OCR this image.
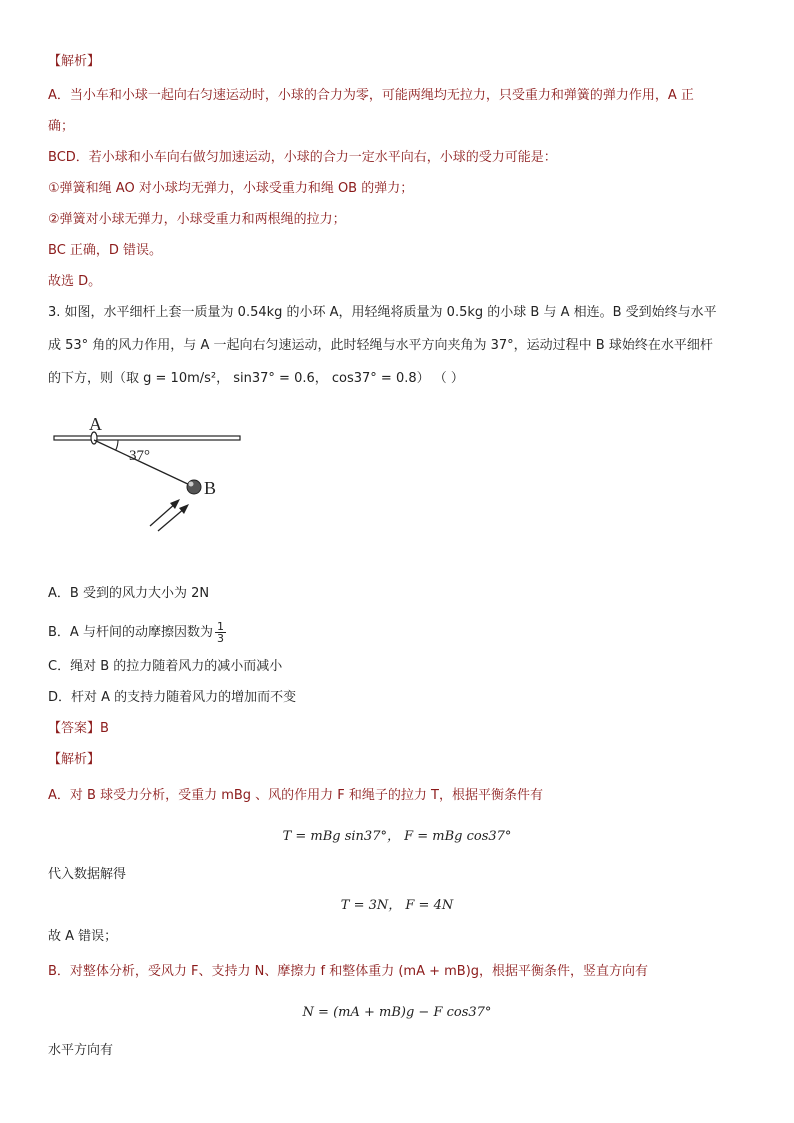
【解析】
A．当小车和小球一起向右匀速运动时，小球的合力为零，可能两绳均无拉力，只受重力和弹簧的弹力作用，A 正
确；
BCD．若小球和小车向右做匀加速运动，小球的合力一定水平向右，小球的受力可能是：
①弹簧和绳 AO 对小球均无弹力，小球受重力和绳 OB 的弹力；
②弹簧对小球无弹力，小球受重力和两根绳的拉力；
BC 正确，D 错误。
故选 D。
3. 如图，水平细杆上套一质量为 0.54kg 的小环 A，用轻绳将质量为 0.5kg 的小球 B 与 A 相连。B 受到始终与水平
成 53° 角的风力作用，与 A 一起向右匀速运动，此时轻绳与水平方向夹角为 37°，运动过程中 B 球始终在水平细杆
的下方，则（取 g = 10m/s²， sin37° = 0.6， cos37° = 0.8） （ ）
A
B
37°
A．B 受到的风力大小为 2N
B．A 与杆间的动摩擦因数为 $\frac{1}{3}$
C．绳对 B 的拉力随着风力的减小而减小
D．杆对 A 的支持力随着风力的增加而不变
【答案】B
【解析】
A．对 B 球受力分析，受重力 mBg 、风的作用力 F 和绳子的拉力 T，根据平衡条件有
T = mBg sin37°， F = mBg cos37°
代入数据解得
T = 3N， F = 4N
故 A 错误；
B．对整体分析，受风力 F、支持力 N、摩擦力 f 和整体重力 (mA + mB)g，根据平衡条件，竖直方向有
N = (mA + mB)g − F cos37°
水平方向有
